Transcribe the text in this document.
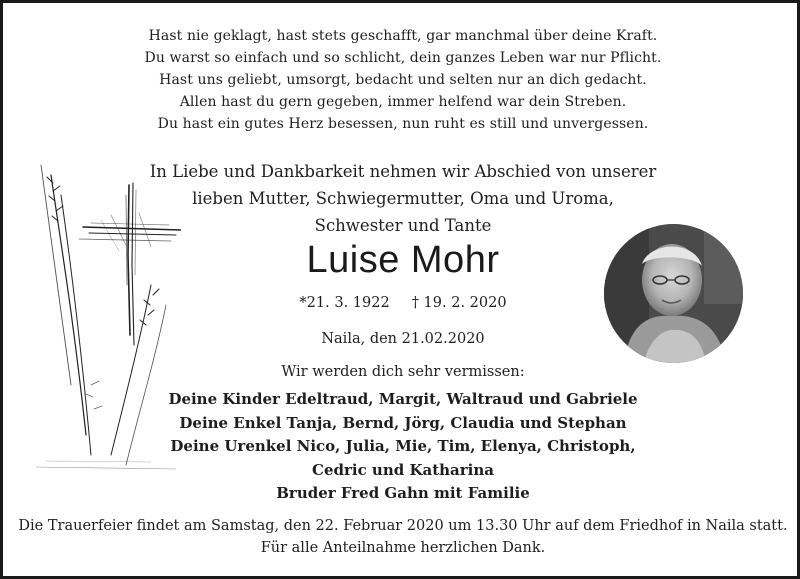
Hast nie geklagt, hast stets geschafft, gar manchmal über deine Kraft.
Du warst so einfach und so schlicht, dein ganzes Leben war nur Pflicht.
Hast uns geliebt, umsorgt, bedacht und selten nur an dich gedacht.
Allen hast du gern gegeben, immer helfend war dein Streben.
Du hast ein gutes Herz besessen, nun ruht es still und unvergessen.
In Liebe und Dankbarkeit nehmen wir Abschied von unserer
lieben Mutter, Schwiegermutter, Oma und Uroma,
Schwester und Tante
Luise Mohr
*21. 3. 1922 † 19. 2. 2020
Naila, den 21.02.2020
Wir werden dich sehr vermissen:
Deine Kinder Edeltraud, Margit, Waltraud und Gabriele
Deine Enkel Tanja, Bernd, Jörg, Claudia und Stephan
Deine Urenkel Nico, Julia, Mie, Tim, Elenya, Christoph,
Cedric und Katharina
Bruder Fred Gahn mit Familie
Die Trauerfeier findet am Samstag, den 22. Februar 2020 um 13.30 Uhr auf dem Friedhof in Naila statt.
Für alle Anteilnahme herzlichen Dank.
